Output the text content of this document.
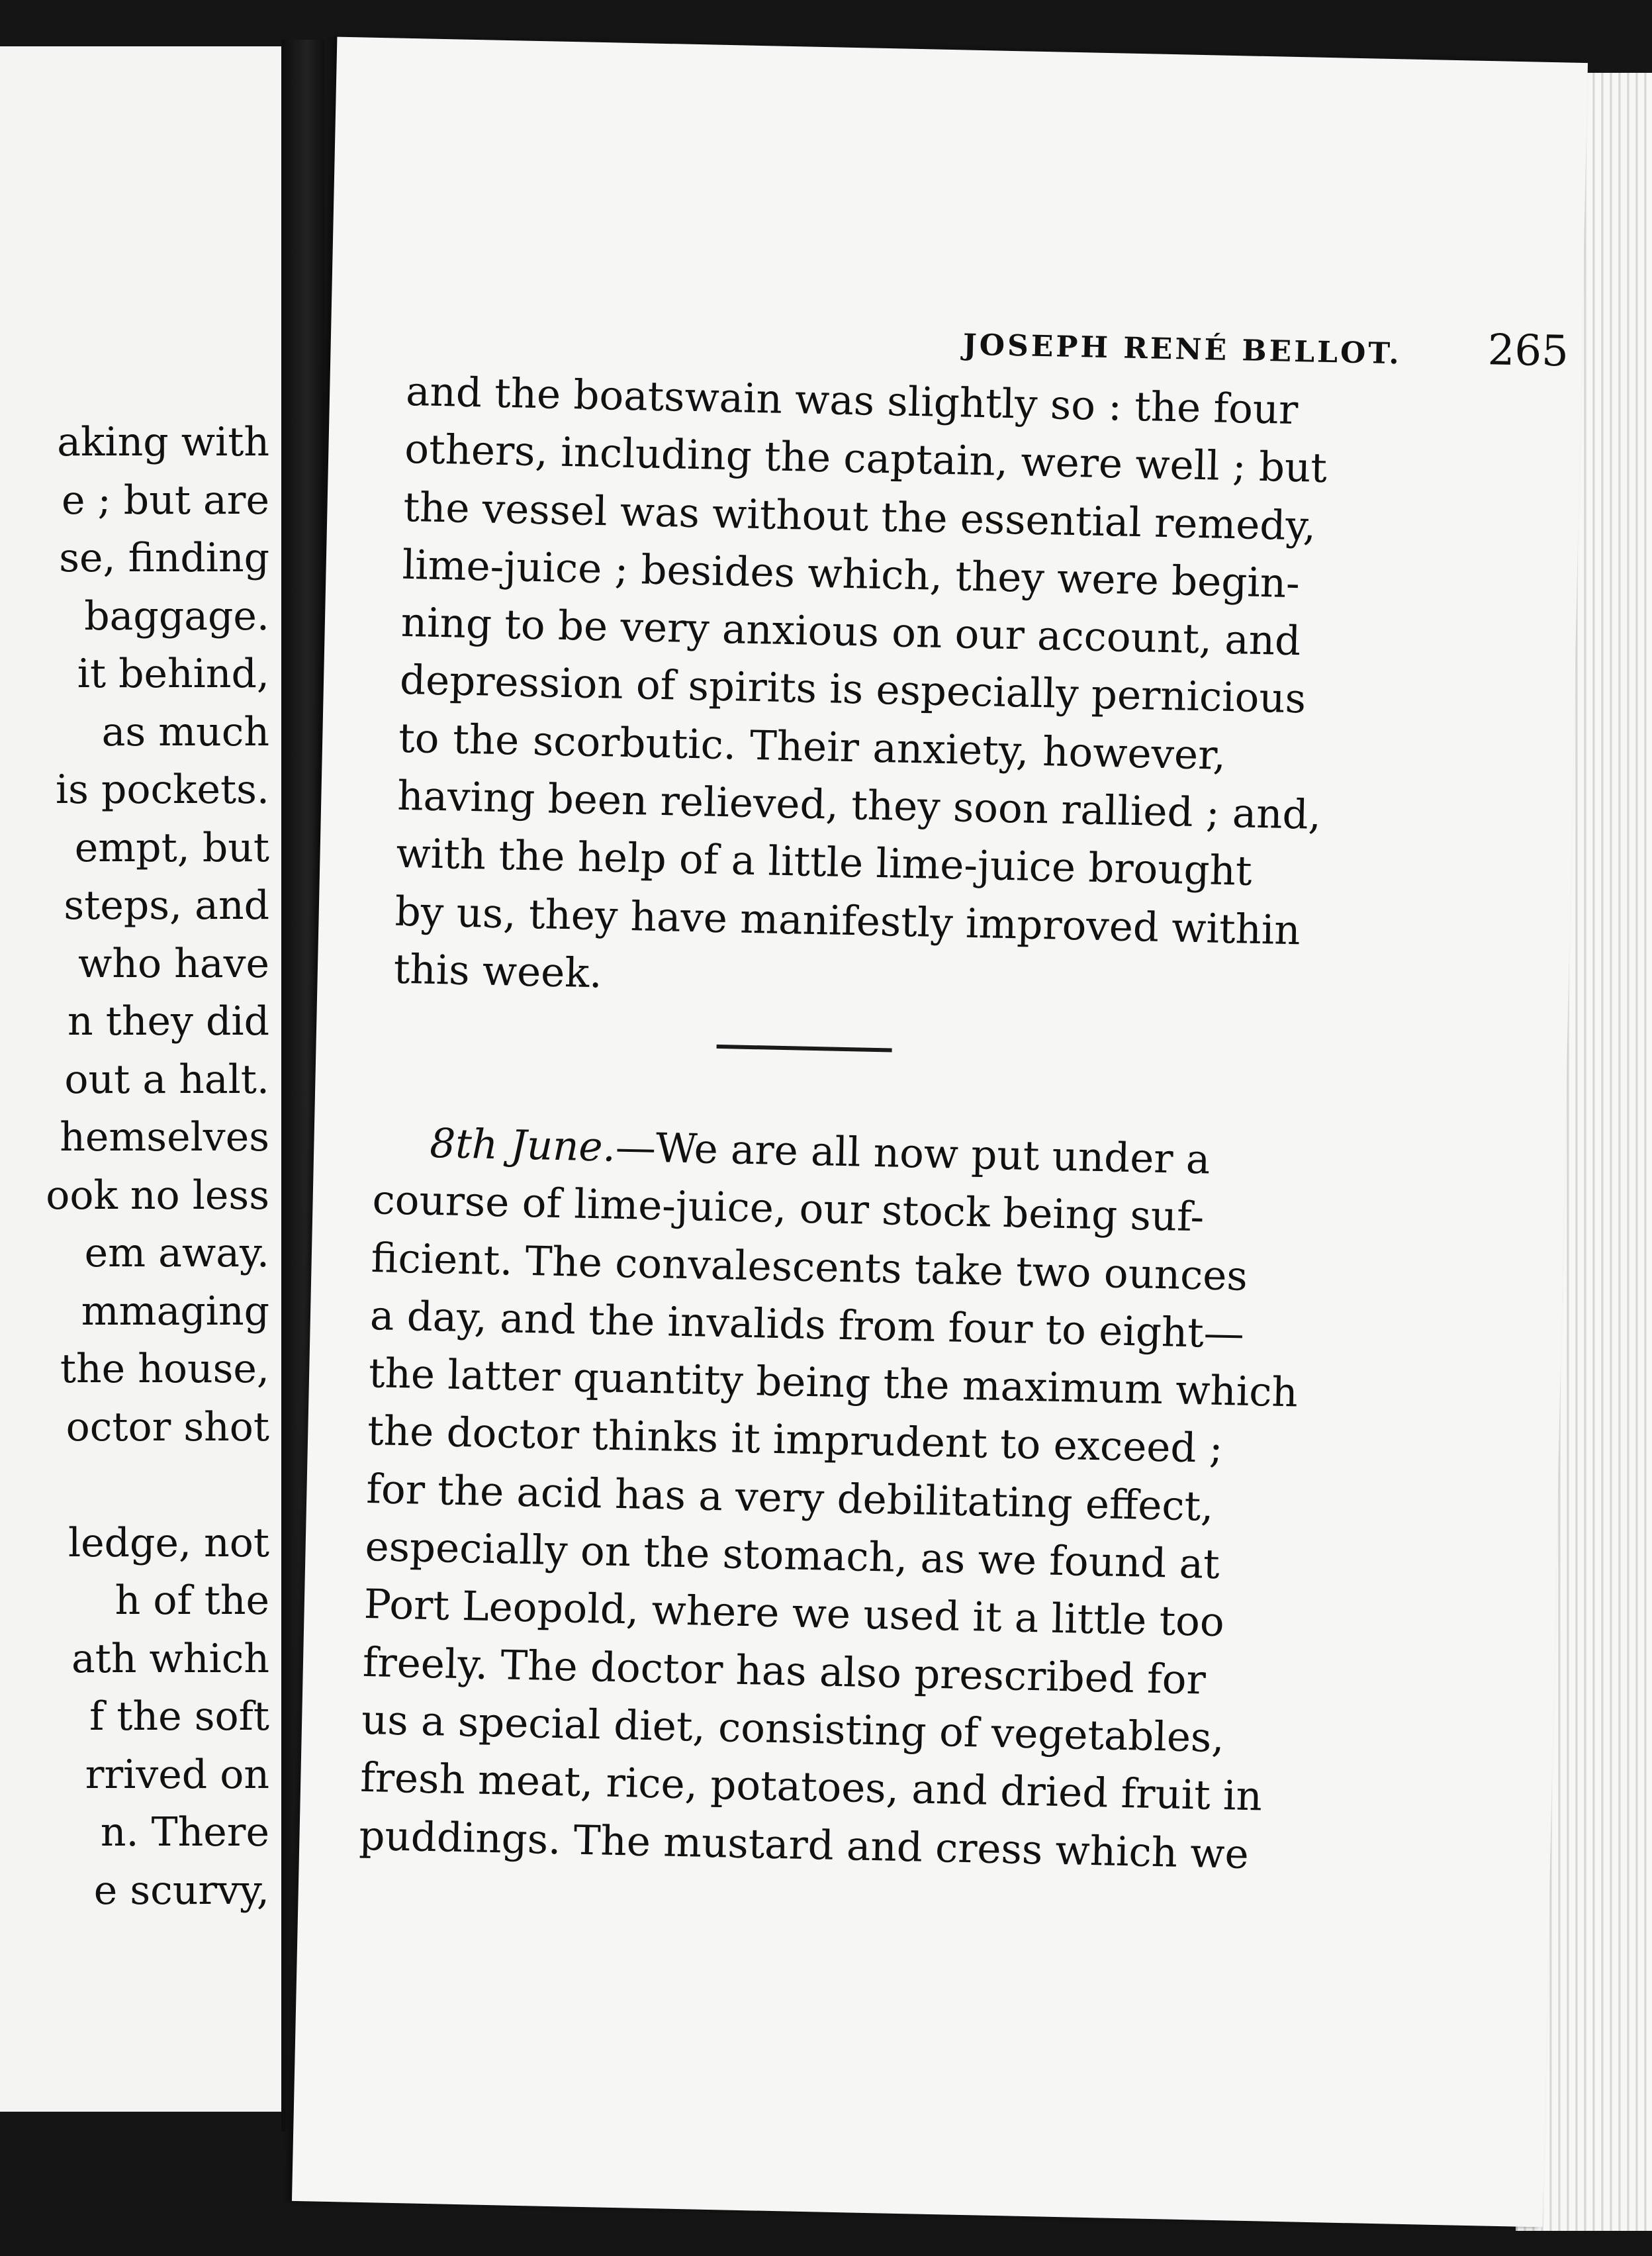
aking with
e ; but are
se, finding
baggage.
it behind,
as much
is pockets.
empt, but
steps, and
who have
n they did
out a halt.
hemselves
ook no less
em away.
mmaging
the house,
octor shot
ledge, not
h of the
ath which
f the soft
rrived on
n. There
e scurvy,
JOSEPH RENÉ BELLOT. 265
and the boatswain was slightly so : the four
others, including the captain, were well ; but
the vessel was without the essential remedy,
lime-juice ; besides which, they were begin-
ning to be very anxious on our account, and
depression of spirits is especially pernicious
to the scorbutic. Their anxiety, however,
having been relieved, they soon rallied ; and,
with the help of a little lime-juice brought
by us, they have manifestly improved within
this week.
8th June.—We are all now put under a
course of lime-juice, our stock being suf-
ficient. The convalescents take two ounces
a day, and the invalids from four to eight—
the latter quantity being the maximum which
the doctor thinks it imprudent to exceed ;
for the acid has a very debilitating effect,
especially on the stomach, as we found at
Port Leopold, where we used it a little too
freely. The doctor has also prescribed for
us a special diet, consisting of vegetables,
fresh meat, rice, potatoes, and dried fruit in
puddings. The mustard and cress which we
